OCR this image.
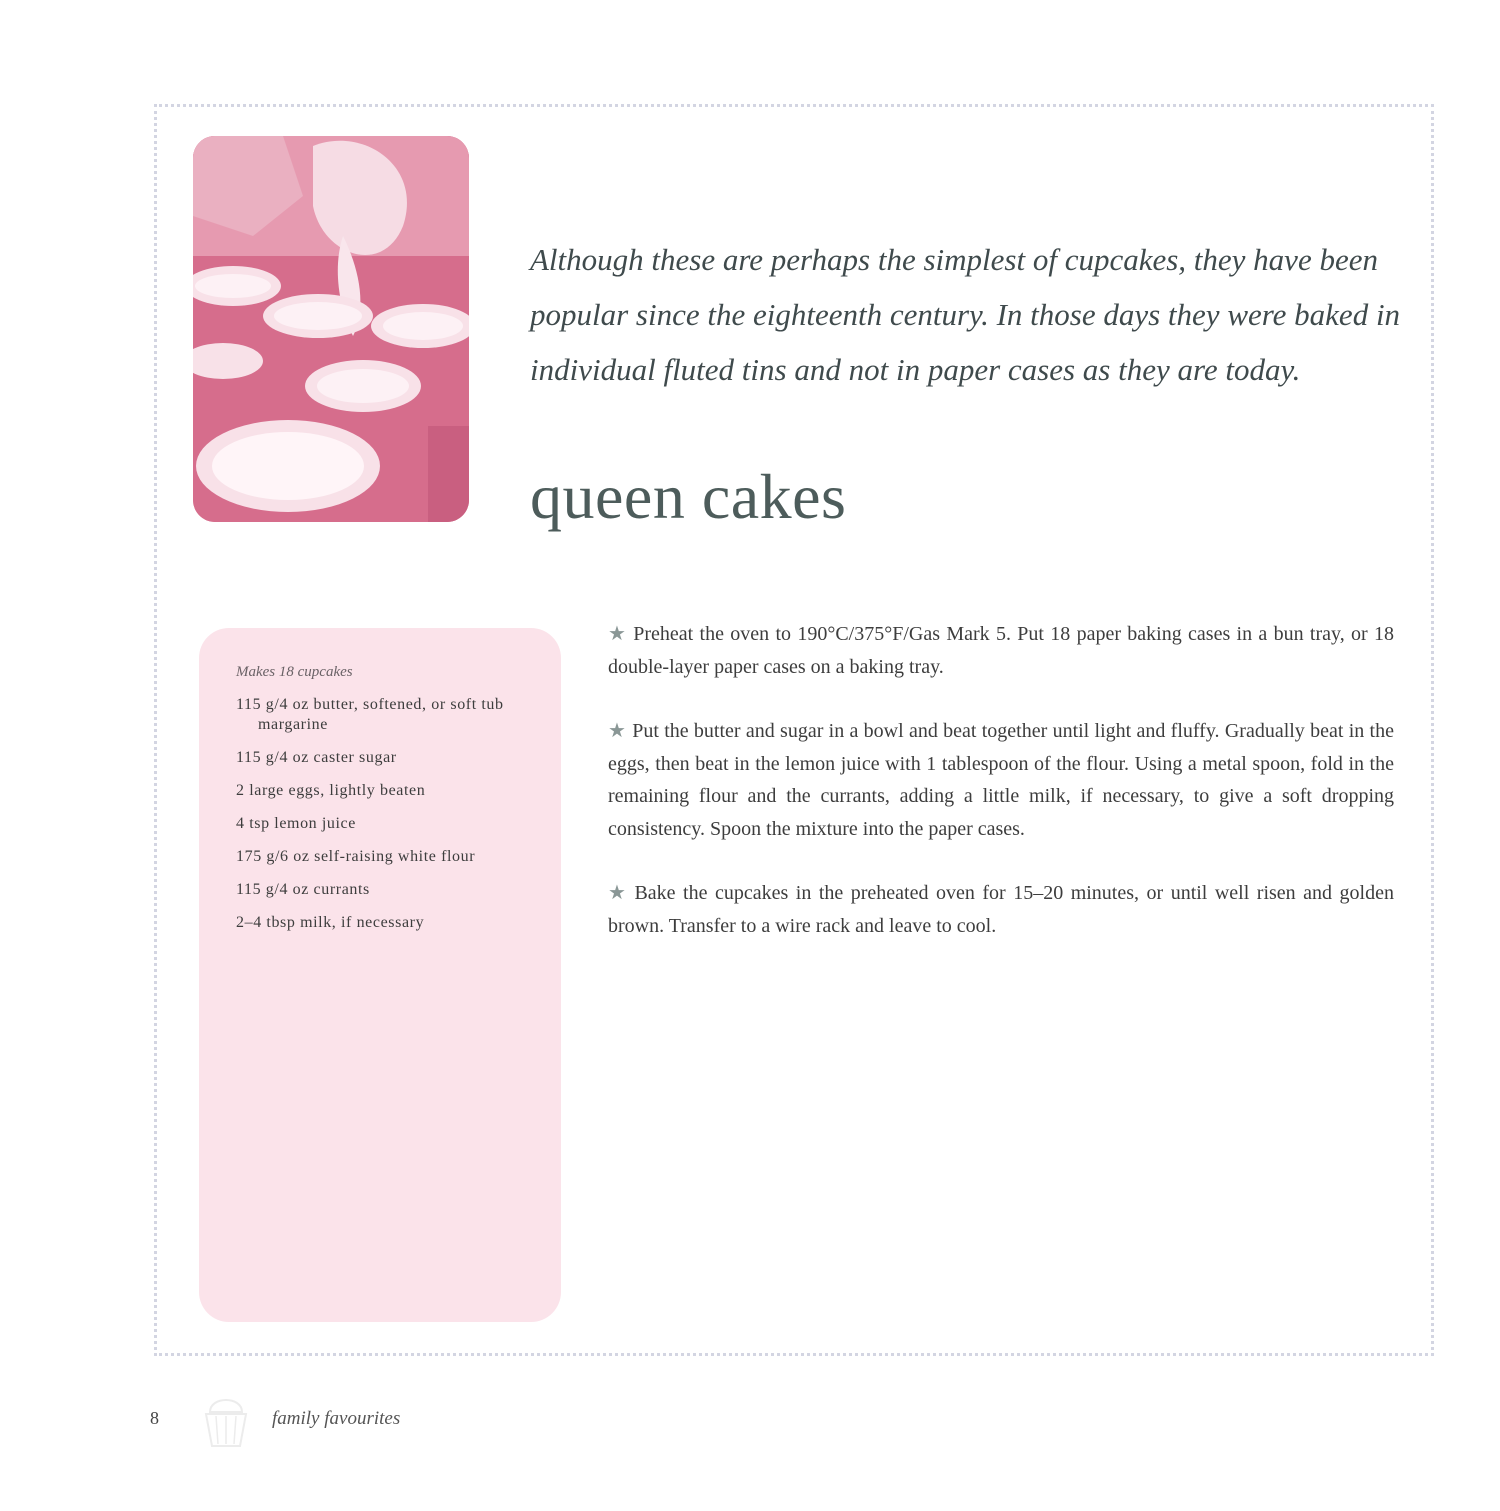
Although these are perhaps the simplest of cupcakes, they have been popular since the eighteenth century. In those days they were baked in individual fluted tins and not in paper cases as they are today.

queen cakes
Makes 18 cupcakes
115 g/4 oz butter, softened, or soft tub margarine
115 g/4 oz caster sugar
2 large eggs, lightly beaten
4 tsp lemon juice
175 g/6 oz self-raising white flour
115 g/4 oz currants
2–4 tbsp milk, if necessary

★ Preheat the oven to 190°C/375°F/Gas Mark 5. Put 18 paper baking cases in a bun tray, or 18 double-layer paper cases on a baking tray.

★ Put the butter and sugar in a bowl and beat together until light and fluffy. Gradually beat in the eggs, then beat in the lemon juice with 1 tablespoon of the flour. Using a metal spoon, fold in the remaining flour and the currants, adding a little milk, if necessary, to give a soft dropping consistency. Spoon the mixture into the paper cases.

★ Bake the cupcakes in the preheated oven for 15–20 minutes, or until well risen and golden brown. Transfer to a wire rack and leave to cool.

8	family favourites
